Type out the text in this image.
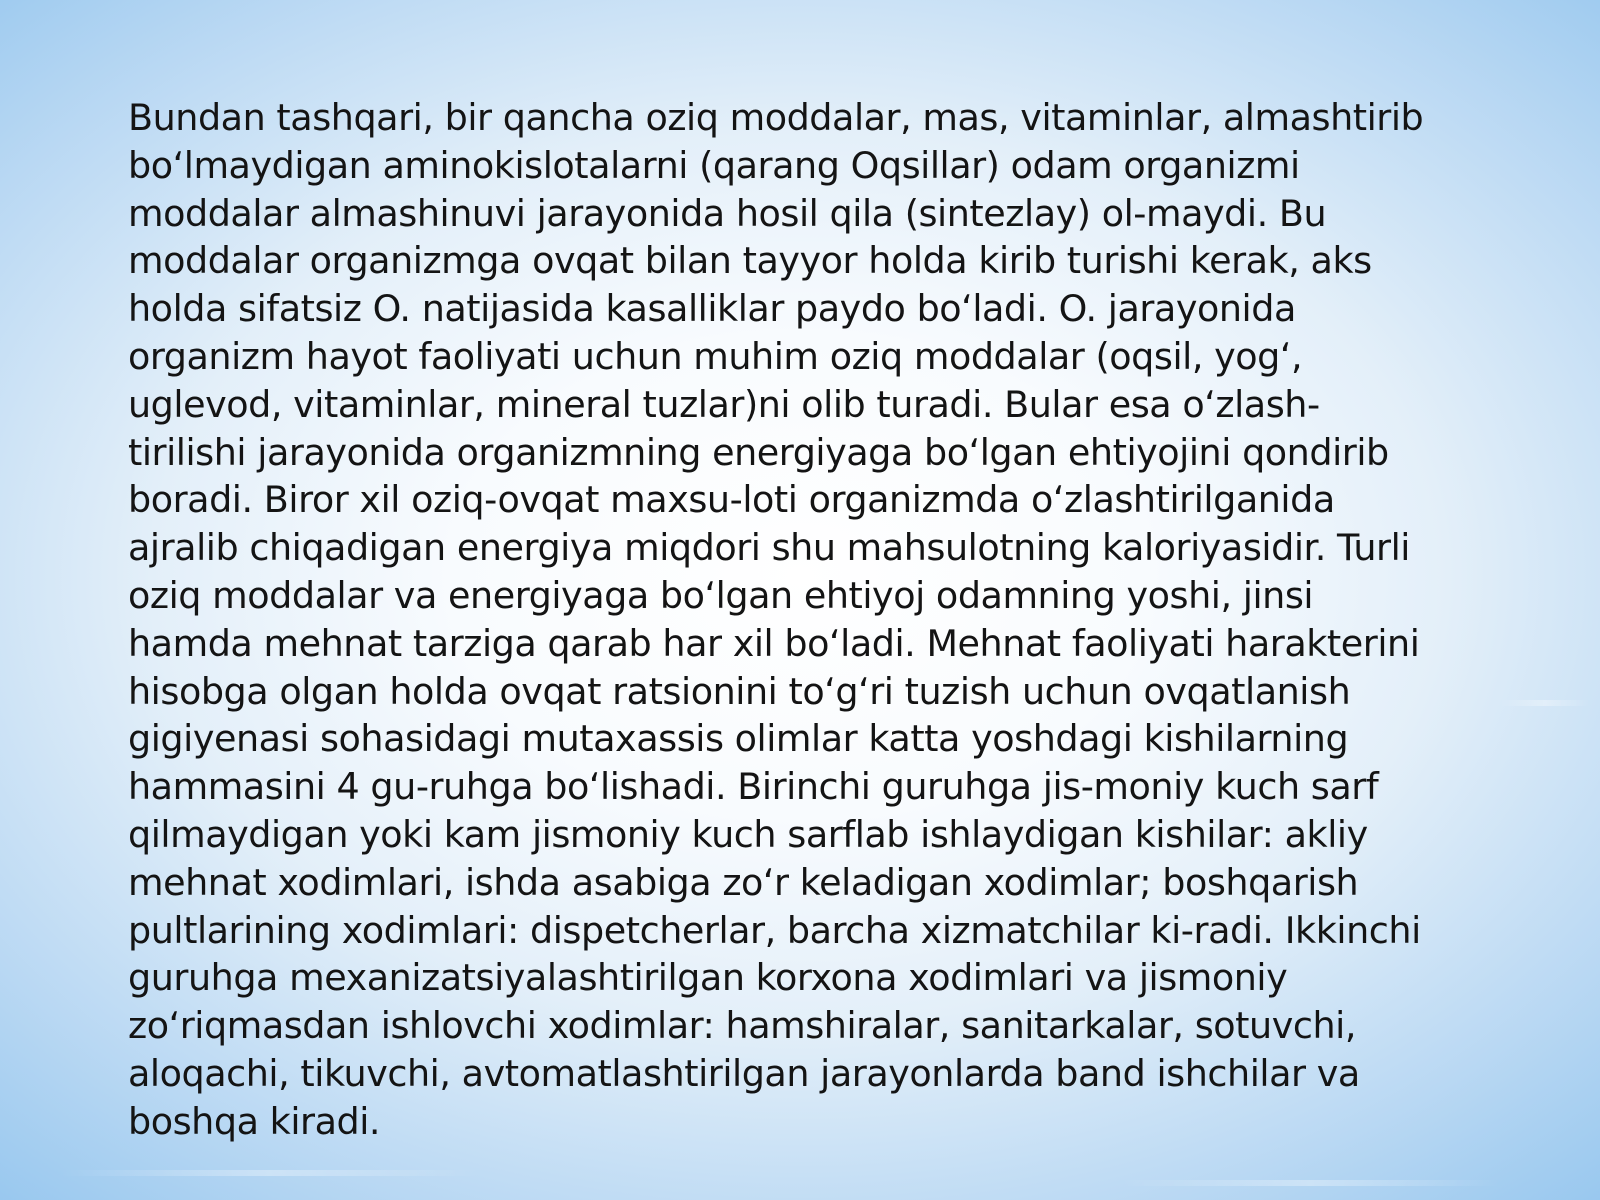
Bundan tashqari, bir qancha oziq moddalar, mas, vitaminlar, almashtirib
boʻlmaydigan aminokislotalarni (qarang Oqsillar) odam organizmi
moddalar almashinuvi jarayonida hosil qila (sintezlay) ol-maydi. Bu
moddalar organizmga ovqat bilan tayyor holda kirib turishi kerak, aks
holda sifatsiz O. natijasida kasalliklar paydo boʻladi. O. jarayonida
organizm hayot faoliyati uchun muhim oziq moddalar (oqsil, yogʻ,
uglevod, vitaminlar, mineral tuzlar)ni olib turadi. Bular esa oʻzlash-
tirilishi jarayonida organizmning energiyaga boʻlgan ehtiyojini qondirib
boradi. Biror xil oziq-ovqat maxsu-loti organizmda oʻzlashtirilganida
ajralib chiqadigan energiya miqdori shu mahsulotning kaloriyasidir. Turli
oziq moddalar va energiyaga boʻlgan ehtiyoj odamning yoshi, jinsi
hamda mehnat tarziga qarab har xil boʻladi. Mehnat faoliyati harakterini
hisobga olgan holda ovqat ratsionini toʻgʻri tuzish uchun ovqatlanish
gigiyenasi sohasidagi mutaxassis olimlar katta yoshdagi kishilarning
hammasini 4 gu-ruhga boʻlishadi. Birinchi guruhga jis-moniy kuch sarf
qilmaydigan yoki kam jismoniy kuch sarflab ishlaydigan kishilar: akliy
mehnat xodimlari, ishda asabiga zoʻr keladigan xodimlar; boshqarish
pultlarining xodimlari: dispetcherlar, barcha xizmatchilar ki-radi. Ikkinchi
guruhga mexanizatsiyalashtirilgan korxona xodimlari va jismoniy
zoʻriqmasdan ishlovchi xodimlar: hamshiralar, sanitarkalar, sotuvchi,
aloqachi, tikuvchi, avtomatlashtirilgan jarayonlarda band ishchilar va
boshqa kiradi.
